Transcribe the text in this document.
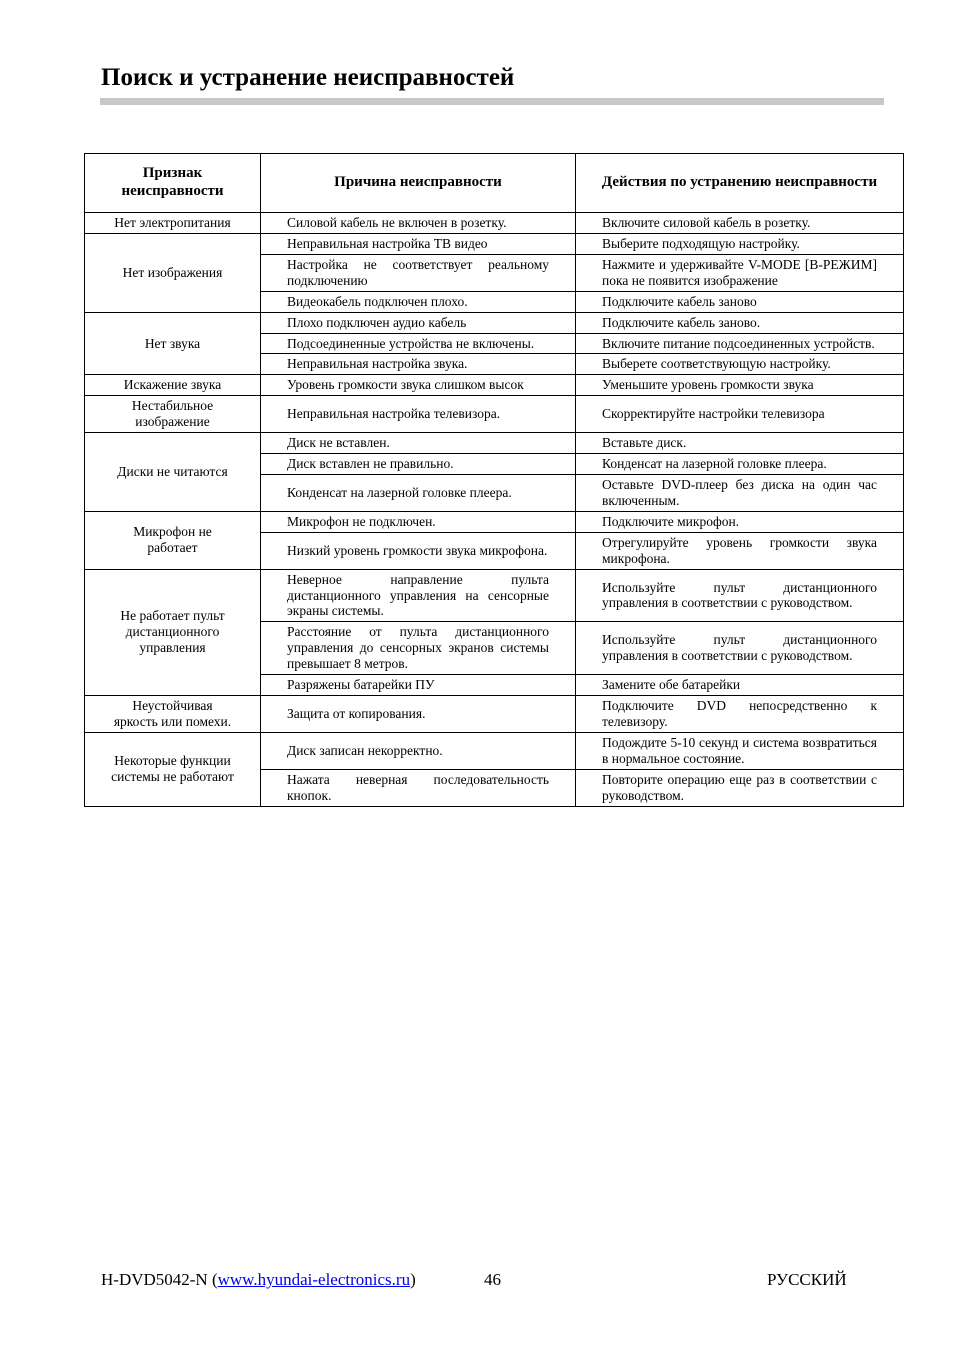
Поиск и устранение неисправностей
Признак неисправности	Причина неисправности	Действия по устранению неисправности
Нет электропитания	Силовой кабель не включен в розетку.	Включите силовой кабель в розетку.
Нет изображения	Неправильная настройка ТВ видео	Выберите подходящую настройку.
	Настройка не соответствует реальному подключению	Нажмите и удерживайте V-MODE [В-РЕЖИМ] пока не появится изображение
	Видеокабель подключен плохо.	Подключите кабель заново
Нет звука	Плохо подключен аудио кабель	Подключите кабель заново.
	Подсоединенные устройства не включены.	Включите питание подсоединенных устройств.
	Неправильная настройка звука.	Выберете соответствующую настройку.
Искажение звука	Уровень громкости звука слишком высок	Уменьшите уровень громкости звука
Нестабильное изображение	Неправильная настройка телевизора.	Скорректируйте настройки телевизора
Диски не читаются	Диск не вставлен.	Вставьте диск.
	Диск вставлен не правильно.	Конденсат на лазерной головке плеера.
	Конденсат на лазерной головке плеера.	Оставьте DVD-плеер без диска на один час включенным.
Микрофон не работает	Микрофон не подключен.	Подключите микрофон.
	Низкий уровень громкости звука микрофона.	Отрегулируйте уровень громкости звука микрофона.
Не работает пульт дистанционного управления	Неверное направление пульта дистанционного управления на сенсорные экраны системы.	Используйте пульт дистанционного управления в соответствии с руководством.
	Расстояние от пульта дистанционного управления до сенсорных экранов системы превышает 8 метров.	Используйте пульт дистанционного управления в соответствии с руководством.
	Разряжены батарейки ПУ	Замените обе батарейки
Неустойчивая яркость или помехи.	Защита от копирования.	Подключите DVD непосредственно к телевизору.
Некоторые функции системы не работают	Диск записан некорректно.	Подождите 5-10 секунд и система возвратиться в нормальное состояние.
	Нажата неверная последовательность кнопок.	Повторите операцию еще раз в соответствии с руководством.
H-DVD5042-N (www.hyundai-electronics.ru)	46	РУССКИЙ
